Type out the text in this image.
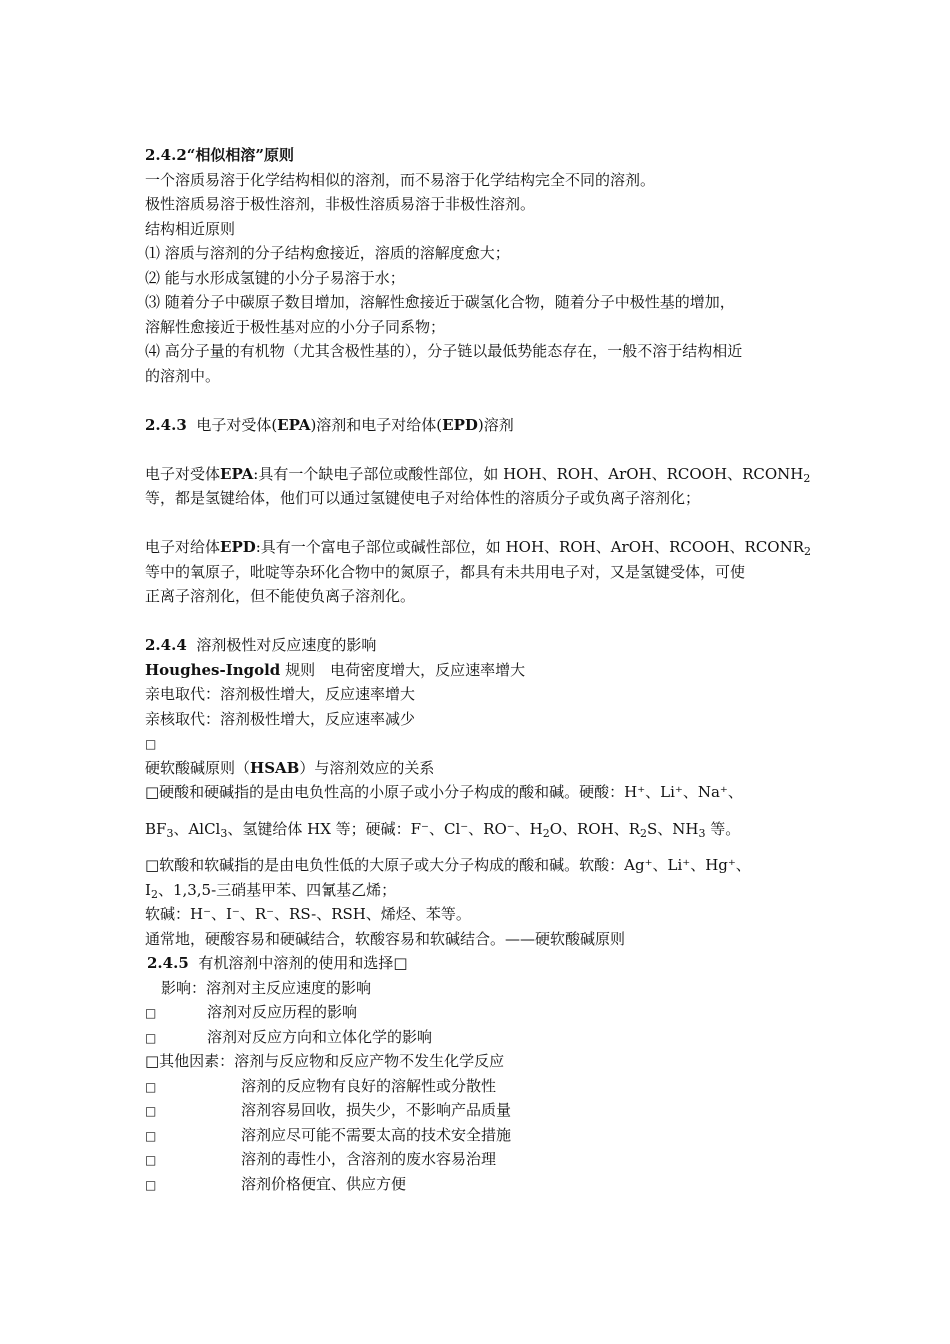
2.4.2“相似相溶”原则
一个溶质易溶于化学结构相似的溶剂，而不易溶于化学结构完全不同的溶剂。
极性溶质易溶于极性溶剂，非极性溶质易溶于非极性溶剂。
结构相近原则
⑴ 溶质与溶剂的分子结构愈接近，溶质的溶解度愈大；
⑵ 能与水形成氢键的小分子易溶于水；
⑶ 随着分子中碳原子数目增加，溶解性愈接近于碳氢化合物，随着分子中极性基的增加，
溶解性愈接近于极性基对应的小分子同系物；
⑷ 高分子量的有机物（尤其含极性基的），分子链以最低势能态存在，一般不溶于结构相近
的溶剂中。
2.4.3 电子对受体(EPA)溶剂和电子对给体(EPD)溶剂
电子对受体EPA:具有一个缺电子部位或酸性部位，如 HOH、ROH、ArOH、RCOOH、$RCONH_2$
等，都是氢键给体，他们可以通过氢键使电子对给体性的溶质分子或负离子溶剂化；
电子对给体EPD:具有一个富电子部位或碱性部位，如 HOH、ROH、ArOH、RCOOH、$RCONR_2$
等中的氧原子，吡啶等杂环化合物中的氮原子，都具有未共用电子对，又是氢键受体，可使
正离子溶剂化，但不能使负离子溶剂化。
2.4.4 溶剂极性对反应速度的影响
Houghes-Ingold 规则　电荷密度增大，反应速率增大
亲电取代：溶剂极性增大，反应速率增大
亲核取代：溶剂极性增大，反应速率减少
□
硬软酸碱原则（HSAB）与溶剂效应的关系
□硬酸和硬碱指的是由电负性高的小原子或小分子构成的酸和碱。硬酸：H⁺、Li⁺、Na⁺、
$BF_3$、AlCl$_3$、氢键给体 HX 等；硬碱：F⁻、Cl⁻、RO⁻、$H_2O$、ROH、$R_2S$、$NH_3$ 等。
□软酸和软碱指的是由电负性低的大原子或大分子构成的酸和碱。软酸：Ag⁺、Li⁺、Hg⁺、
$I_2$、1,3,5-三硝基甲苯、四氰基乙烯；
软碱：H⁻、I⁻、R⁻、RS-、RSH、烯烃、苯等。
通常地，硬酸容易和硬碱结合，软酸容易和软碱结合。——硬软酸碱原则
2.4.5 有机溶剂中溶剂的使用和选择□
影响：溶剂对主反应速度的影响
□	溶剂对反应历程的影响
□	溶剂对反应方向和立体化学的影响
□其他因素：溶剂与反应物和反应产物不发生化学反应
□	溶剂的反应物有良好的溶解性或分散性
□	溶剂容易回收，损失少，不影响产品质量
□	溶剂应尽可能不需要太高的技术安全措施
□	溶剂的毒性小，含溶剂的废水容易治理
□	溶剂价格便宜、供应方便
